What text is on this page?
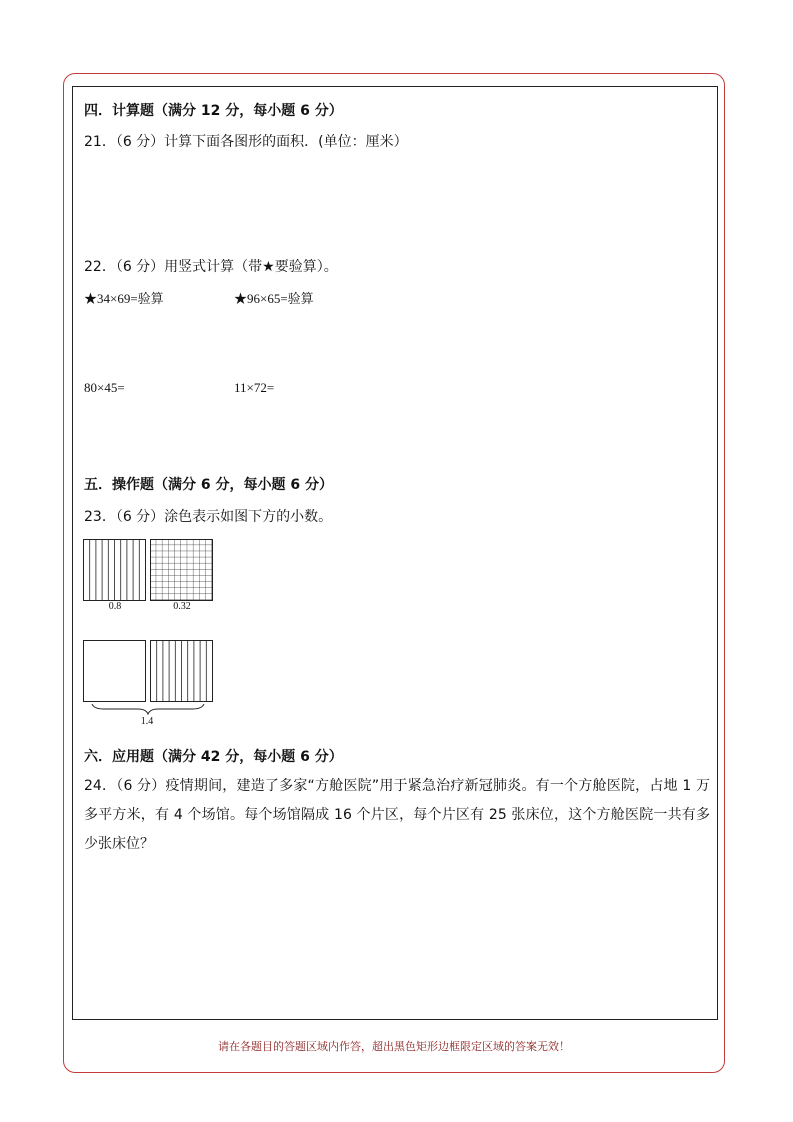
四．计算题（满分 12 分，每小题 6 分）
21．（6 分）计算下面各图形的面积．(单位：厘米）
22．（6 分）用竖式计算（带★要验算）。
★34×69=验算	★96×65=验算
80×45=	11×72=
五．操作题（满分 6 分，每小题 6 分）
23．（6 分）涂色表示如图下方的小数。
0.8	0.32
1.4
六．应用题（满分 42 分，每小题 6 分）
24．（6 分）疫情期间，建造了多家“方舱医院”用于紧急治疗新冠肺炎。有一个方舱医院，占地 1 万多平方米，有 4 个场馆。每个场馆隔成 16 个片区，每个片区有 25 张床位，这个方舱医院一共有多少张床位？
请在各题目的答题区域内作答，超出黑色矩形边框限定区域的答案无效！
